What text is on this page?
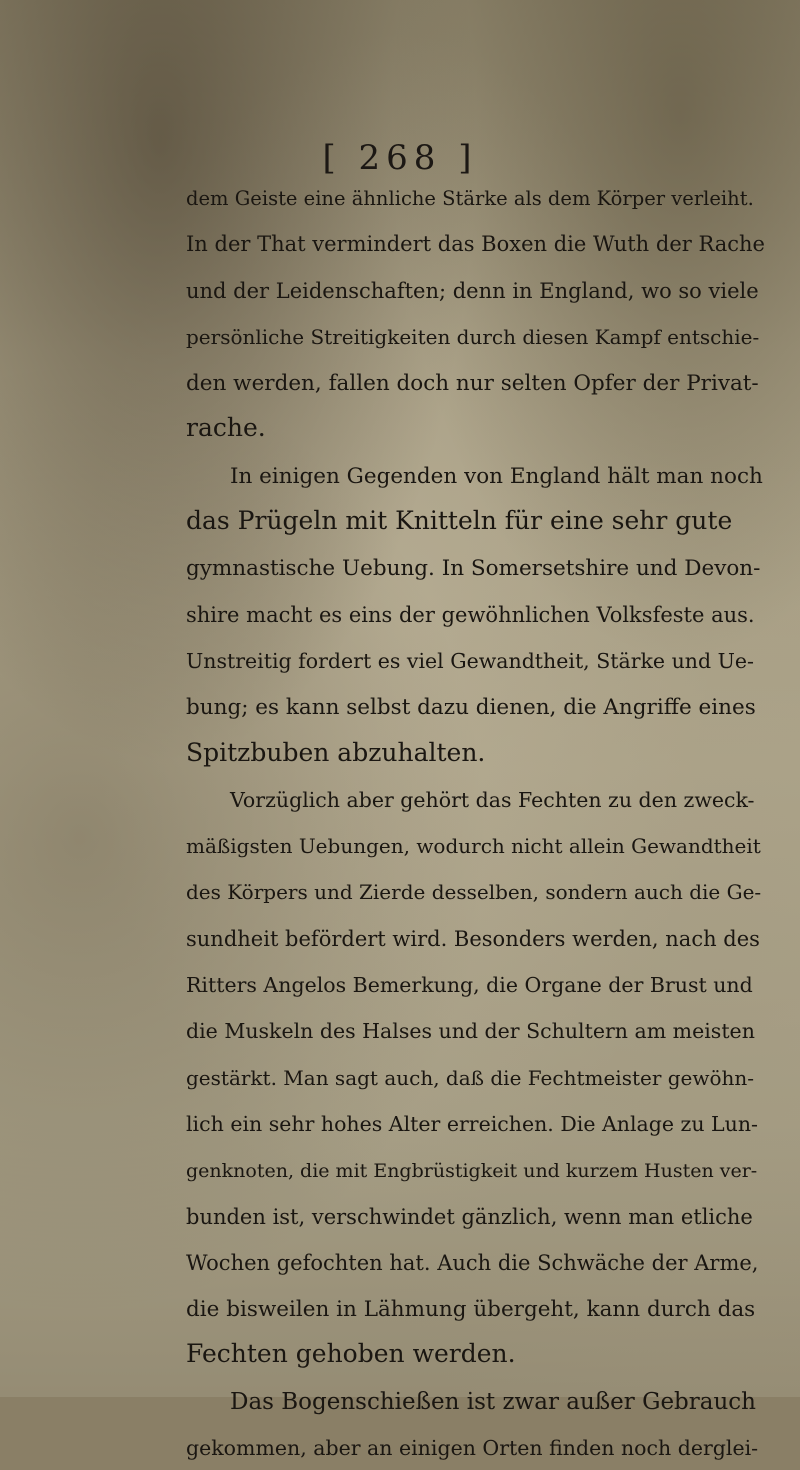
[ 268 ]
dem Geiste eine ähnliche Stärke als dem Körper verleiht.
In der That vermindert das Boxen die Wuth der Rache
und der Leidenschaften; denn in England, wo so viele
persönliche Streitigkeiten durch diesen Kampf entschie-
den werden, fallen doch nur selten Opfer der Privat-
rache.
In einigen Gegenden von England hält man noch
das Prügeln mit Knitteln für eine sehr gute
gymnastische Uebung. In Somersetshire und Devon-
shire macht es eins der gewöhnlichen Volksfeste aus.
Unstreitig fordert es viel Gewandtheit, Stärke und Ue-
bung; es kann selbst dazu dienen, die Angriffe eines
Spitzbuben abzuhalten.
Vorzüglich aber gehört das Fechten zu den zweck-
mäßigsten Uebungen, wodurch nicht allein Gewandtheit
des Körpers und Zierde desselben, sondern auch die Ge-
sundheit befördert wird. Besonders werden, nach des
Ritters Angelos Bemerkung, die Organe der Brust und
die Muskeln des Halses und der Schultern am meisten
gestärkt. Man sagt auch, daß die Fechtmeister gewöhn-
lich ein sehr hohes Alter erreichen. Die Anlage zu Lun-
genknoten, die mit Engbrüstigkeit und kurzem Husten ver-
bunden ist, verschwindet gänzlich, wenn man etliche
Wochen gefochten hat. Auch die Schwäche der Arme,
die bisweilen in Lähmung übergeht, kann durch das
Fechten gehoben werden.
Das Bogenschießen ist zwar außer Gebrauch
gekommen, aber an einigen Orten finden noch derglei-
